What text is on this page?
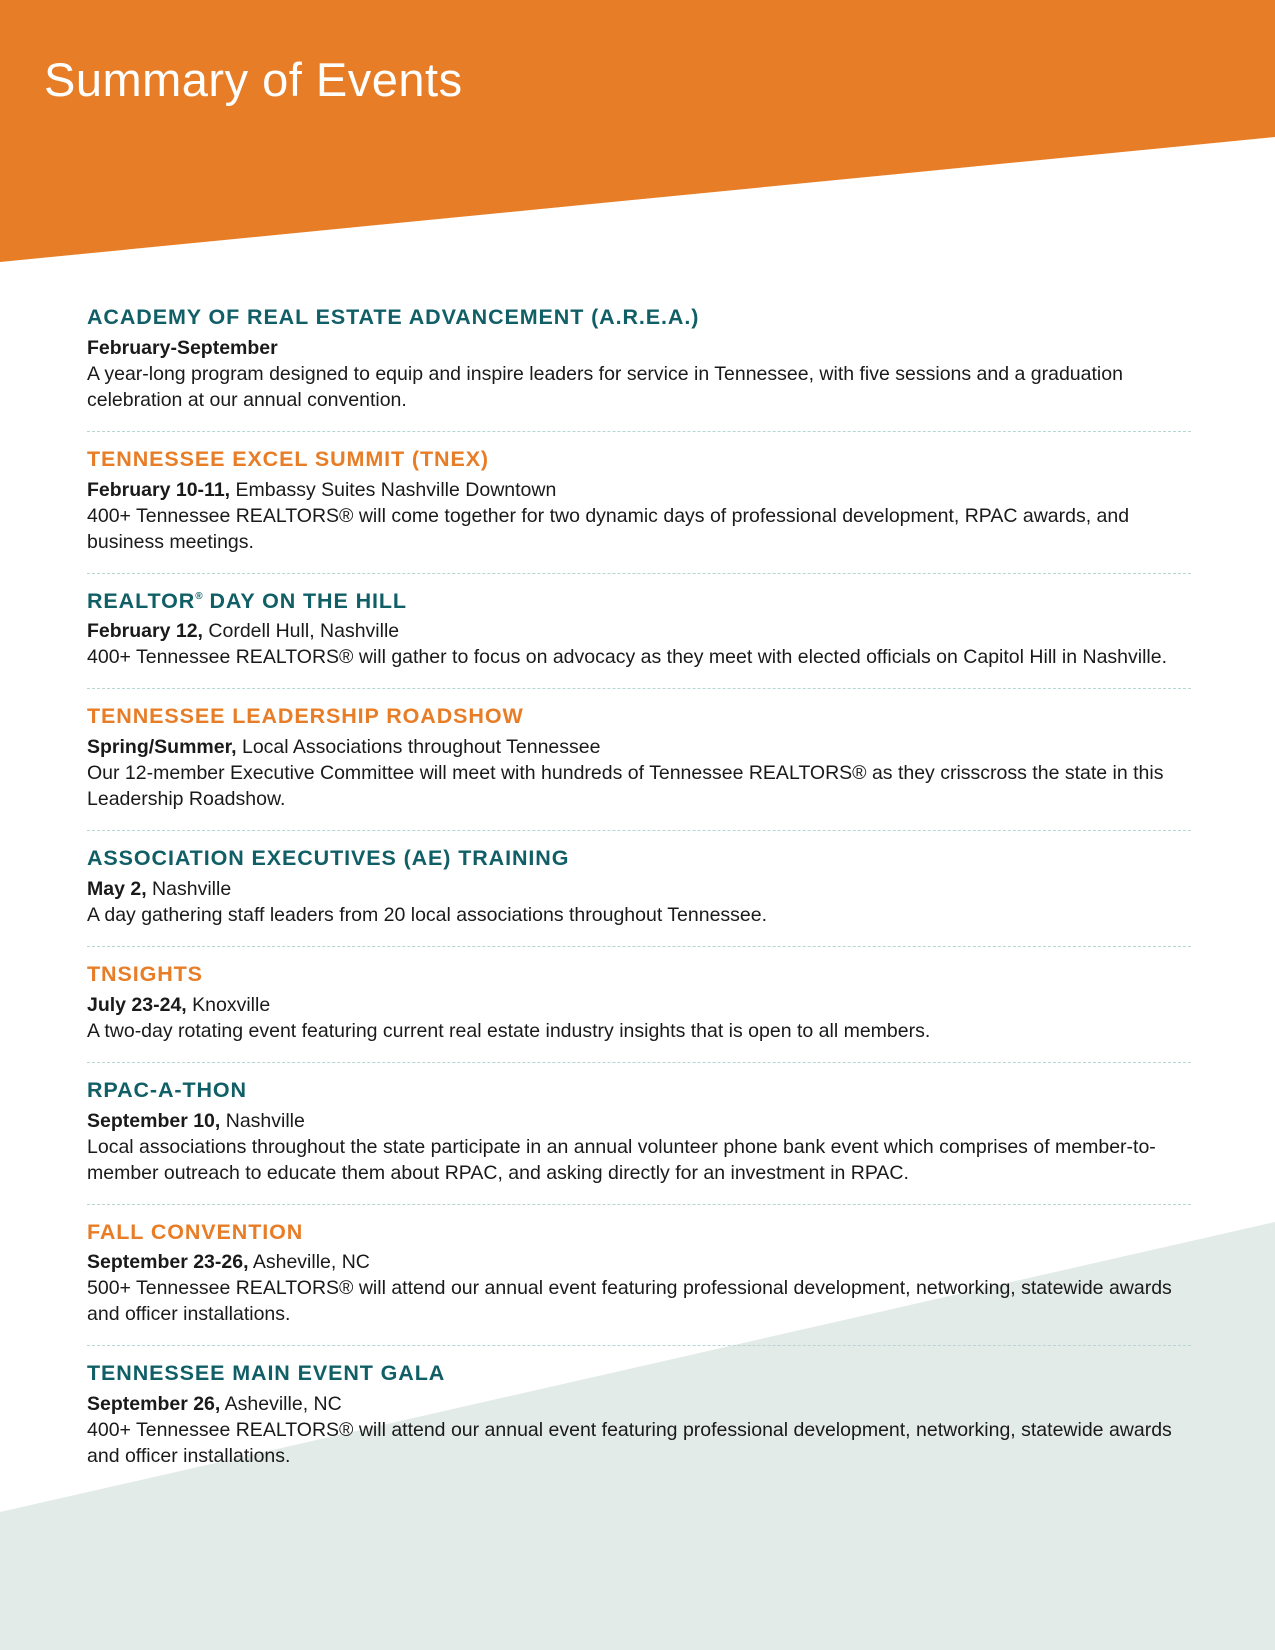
Summary of Events
ACADEMY OF REAL ESTATE ADVANCEMENT (A.R.E.A.)

February-September

A year-long program designed to equip and inspire leaders for service in Tennessee, with five sessions and a graduation celebration at our annual convention.

TENNESSEE EXCEL SUMMIT (TNEX)

February 10-11, Embassy Suites Nashville Downtown

400+ Tennessee REALTORS® will come together for two dynamic days of professional development, RPAC awards, and business meetings.

REALTOR® DAY ON THE HILL

February 12, Cordell Hull, Nashville

400+ Tennessee REALTORS® will gather to focus on advocacy as they meet with elected officials on Capitol Hill in Nashville.

TENNESSEE LEADERSHIP ROADSHOW

Spring/Summer, Local Associations throughout Tennessee

Our 12-member Executive Committee will meet with hundreds of Tennessee REALTORS® as they crisscross the state in this Leadership Roadshow.

ASSOCIATION EXECUTIVES (AE) TRAINING

May 2, Nashville

A day gathering staff leaders from 20 local associations throughout Tennessee.

TNSIGHTS

July 23-24, Knoxville

A two-day rotating event featuring current real estate industry insights that is open to all members.

RPAC-A-THON

September 10, Nashville

Local associations throughout the state participate in an annual volunteer phone bank event which comprises of member-to-member outreach to educate them about RPAC, and asking directly for an investment in RPAC.

FALL CONVENTION

September 23-26, Asheville, NC

500+ Tennessee REALTORS® will attend our annual event featuring professional development, networking, statewide awards and officer installations.

TENNESSEE MAIN EVENT GALA

September 26, Asheville, NC

400+ Tennessee REALTORS® will attend our annual event featuring professional development, networking, statewide awards and officer installations.
